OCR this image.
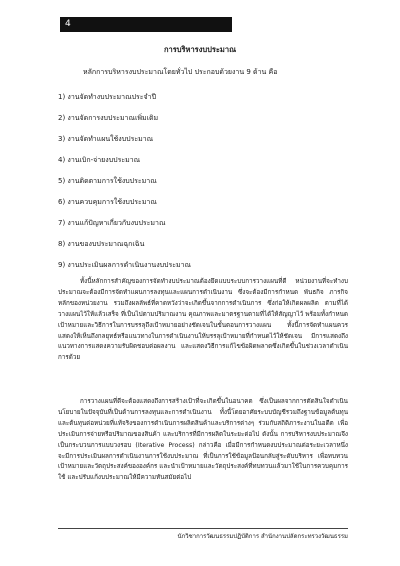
4
การบริหารงบประมาณ
หลักการบริหารงบประมาณโดยทั่วไป ประกอบด้วยงาน 9 ด้าน คือ
1) งานจัดทำงบประมาณประจำปี
2) งานจัดการงบประมาณเพิ่มเติม
3) งานจัดทำแผนใช้งบประมาณ
4) งานเบิก-จ่ายงบประมาณ
5) งานติดตามการใช้งบประมาณ
6) งานควบคุมการใช้งบประมาณ
7) งานแก้ปัญหาเกี่ยวกับงบประมาณ
8) งานของบประมาณฉุกเฉิน
9) งานประเมินผลการดำเนินงานงบประมาณ
ทั้งนี้หลักการสำคัญของการจัดทำงบประมาณต้องยึดแบบระบบการวางแผนที่ดี หน่วยงานที่จะทำงบประมาณจะต้องมีการจัดทำแผนการลงทุนและแผนการดำเนินงาน ซึ่งจะต้องมีการกำหนด พันธกิจ ภารกิจหลักของหน่วยงาน รวมถึงผลลัพธ์ที่คาดหวังว่าจะเกิดขึ้นจากการดำเนินการ ซึ่งก่อให้เกิดผลผลิต ตามที่ได้วางแผนไว้ให้แล้วเสร็จ ที่เป็นไปตามปริมาณงาน คุณภาพและมาตรฐานตามที่ได้ให้สัญญาไว้ พร้อมทั้งกำหนดเป้าหมายและวิธีการในการบรรลุถึงเป้าหมายอย่างชัดเจนในขั้นตอนการวางแผน ทั้งนี้การจัดทำแผนควรแสดงให้เห็นถึงกลยุทธ์หรือแนวทางในการดำเนินงานให้บรรลุเป้าหมายที่กำหนดไว้ให้ชัดเจน มีการแสดงถึงแนวทางการแสดงความรับผิดชอบต่อผลงาน และแสดงวิธีการแก้ไขข้อผิดพลาดซึ่งเกิดขึ้นในช่วงเวลาดำเนินการด้วย
การวางแผนที่ดีจะต้องแสดงถึงการสร้างเป้าที่จะเกิดขึ้นในอนาคต ซึ่งเป็นผลจากการตัดสินใจดำเนินนโยบายในปัจจุบันที่เป็นด้านการลงทุนและการดำเนินงาน ทั้งนี้โดยอาศัยระบบบัญชีรวมถึงฐานข้อมูลต้นทุนและต้นทุนต่อหน่วยที่แท้จริงของการดำเนินการผลิตสินค้าและบริการต่างๆ ร่วมกับสถิติภาระงานในอดีต เพื่อประเมินการจ่ายหรือปริมาณของสินค้า และบริการที่มีการผลิตในระยะต่อไป ดังนั้น การบริหารงบประมาณจึงเป็นกระบวนการแบบวงรอบ (Iterative Process) กล่าวคือ เมื่อมีการกำหนดงบประมาณต่อระยะเวลาหนึ่ง จะมีการประเมินผลการดำเนินงานการใช้งบประมาณ ที่เป็นการใช้ข้อมูลป้อนกลับสู่ระดับบริหาร เพื่อทบทวนเป้าหมายและวัตถุประสงค์ขององค์กร และนำเป้าหมายและวัตถุประสงค์ที่ทบทวนแล้วมาใช้ในการควบคุมการใช้ และปรับแก้งบประมาณให้มีความทันสมัยต่อไป
นักวิชาการวัฒนธรรมปฏิบัติการ สำนักงานปลัดกระทรวงวัฒนธรรม
